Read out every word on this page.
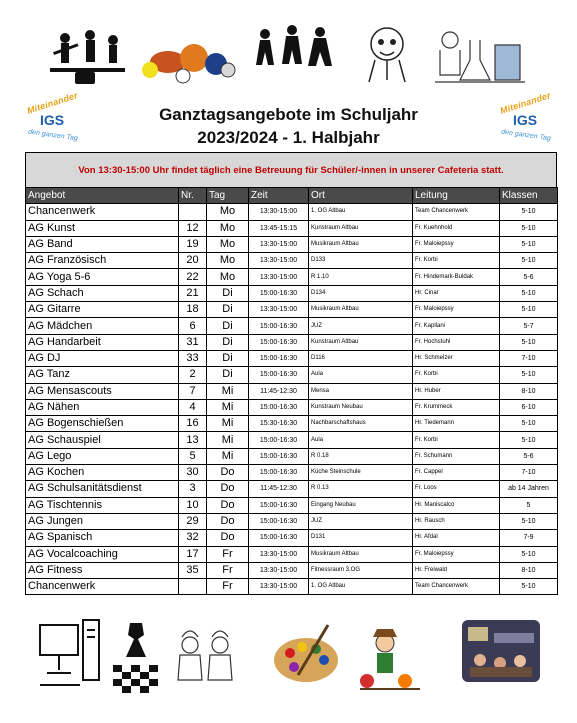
Miteinander
IGS
den ganzen Tag
Miteinander
IGS
den ganzen Tag
Ganztagsangebote im Schuljahr
2023/2024 - 1. Halbjahr
Von 13:30-15:00 Uhr findet täglich eine Betreuung für Schüler/-innen in unserer Cafeteria statt.
Angebot	Nr.	Tag	Zeit	Ort	Leitung	Klassen
Chancenwerk		Mo	13:30-15:00	1. OG Altbau	Team Chancenwerk	5-10
AG Kunst	12	Mo	13:45-15:15	Kunstraum Altbau	Fr. Kuehnhold	5-10
AG Band	19	Mo	13:30-15:00	Musikraum Altbau	Fr. Maloiepssy	5-10
AG Französisch	20	Mo	13:30-15:00	D133	Fr. Korbi	5-10
AG Yoga 5-6	22	Mo	13:30-15:00	R 1.10	Fr. Hindemark-Buldak	5-6
AG Schach	21	Di	15:00-16:30	D134	Hr. Cinar	5-10
AG Gitarre	18	Di	13:30-15:00	Musikraum Altbau	Fr. Maloiepssy	5-10
AG Mädchen	6	Di	15:00-16:30	JUZ	Fr. Kapllani	5-7
AG Handarbeit	31	Di	15:00-16:30	Kunstraum Altbau	Fr. Hochstuhl	5-10
AG DJ	33	Di	15:00-16:30	D116	Hr. Schmelzer	7-10
AG Tanz	2	Di	15:00-16:30	Aula	Fr. Korbi	5-10
AG Mensascouts	7	Mi	11:45-12:30	Mensa	Hr. Huber	8-10
AG Nähen	4	Mi	15:00-16:30	Kunstraum Neubau	Fr. Krummeck	6-10
AG Bogenschießen	16	Mi	15:30-16:30	Nachbarschaftshaus	Hr. Tiedemann	5-10
AG Schauspiel	13	Mi	15:00-16:30	Aula	Fr. Korbi	5-10
AG Lego	5	Mi	15:00-16:30	R 0.18	Fr. Schumann	5-6
AG Kochen	30	Do	15:00-16:30	Küche Steinschule	Fr. Cappel	7-10
AG Schulsanitätsdienst	3	Do	11:45-12:30	R 0.13	Fr. Loos	ab 14 Jahren
AG Tischtennis	10	Do	15:00-16:30	Eingang Neubau	Hr. Maniscalco	5
AG Jungen	29	Do	15:00-16:30	JUZ	Hr. Rausch	5-10
AG Spanisch	32	Do	15:00-16:30	D131	Hr. Afdal	7-9
AG Vocalcoaching	17	Fr	13:30-15:00	Musikraum Altbau	Fr. Maloiepssy	5-10
AG Fitness	35	Fr	13:30-15:00	Fitnessraum 3.OG	Hr. Freiwald	8-10
Chancenwerk		Fr	13:30-15:00	1. OG Altbau	Team Chancenwerk	5-10
